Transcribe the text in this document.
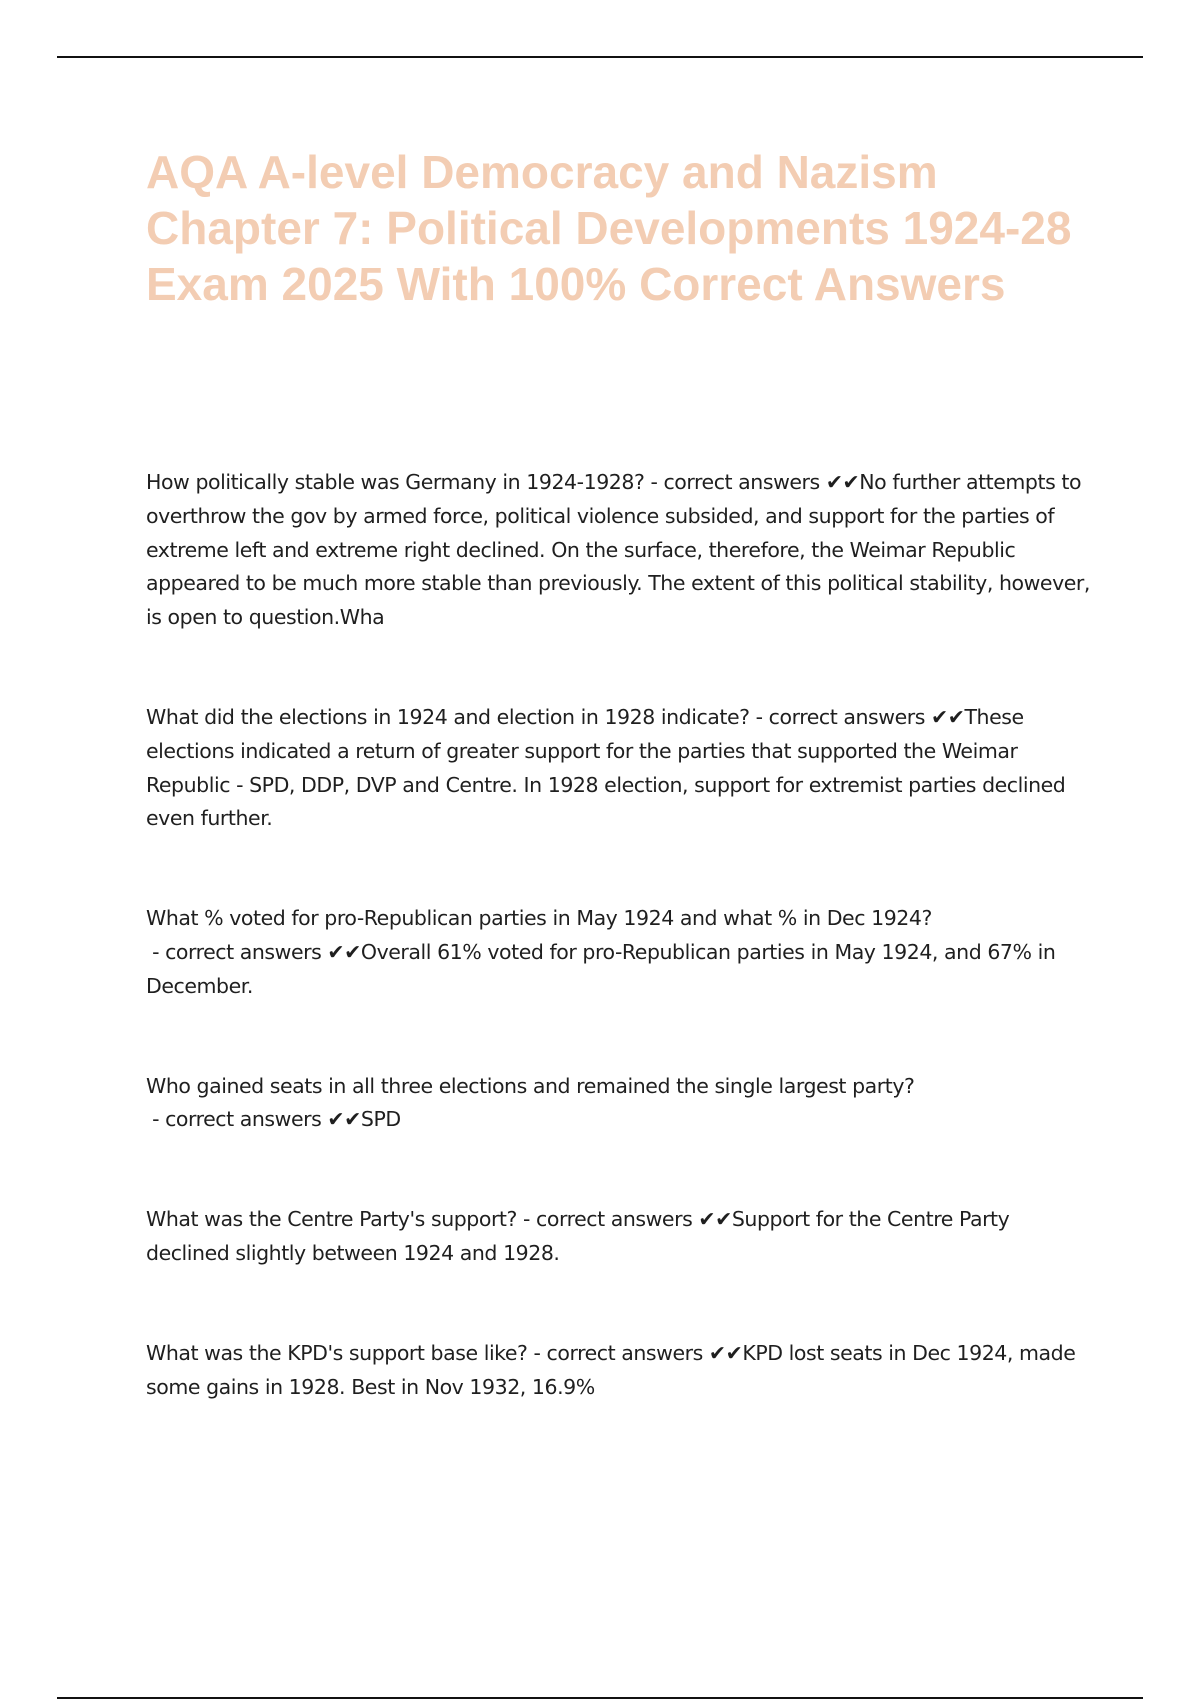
AQA A-level Democracy and Nazism Chapter 7: Political Developments 1924-28 Exam 2025 With 100% Correct Answers

How politically stable was Germany in 1924-1928? - correct answers ✔✔No further attempts to overthrow the gov by armed force, political violence subsided, and support for the parties of extreme left and extreme right declined. On the surface, therefore, the Weimar Republic appeared to be much more stable than previously. The extent of this political stability, however, is open to question.Wha

What did the elections in 1924 and election in 1928 indicate? - correct answers ✔✔These elections indicated a return of greater support for the parties that supported the Weimar Republic - SPD, DDP, DVP and Centre. In 1928 election, support for extremist parties declined even further.

What % voted for pro-Republican parties in May 1924 and what % in Dec 1924? - correct answers ✔✔Overall 61% voted for pro-Republican parties in May 1924, and 67% in December.

Who gained seats in all three elections and remained the single largest party? - correct answers ✔✔SPD

What was the Centre Party's support? - correct answers ✔✔Support for the Centre Party declined slightly between 1924 and 1928.

What was the KPD's support base like? - correct answers ✔✔KPD lost seats in Dec 1924, made some gains in 1928. Best in Nov 1932, 16.9%
